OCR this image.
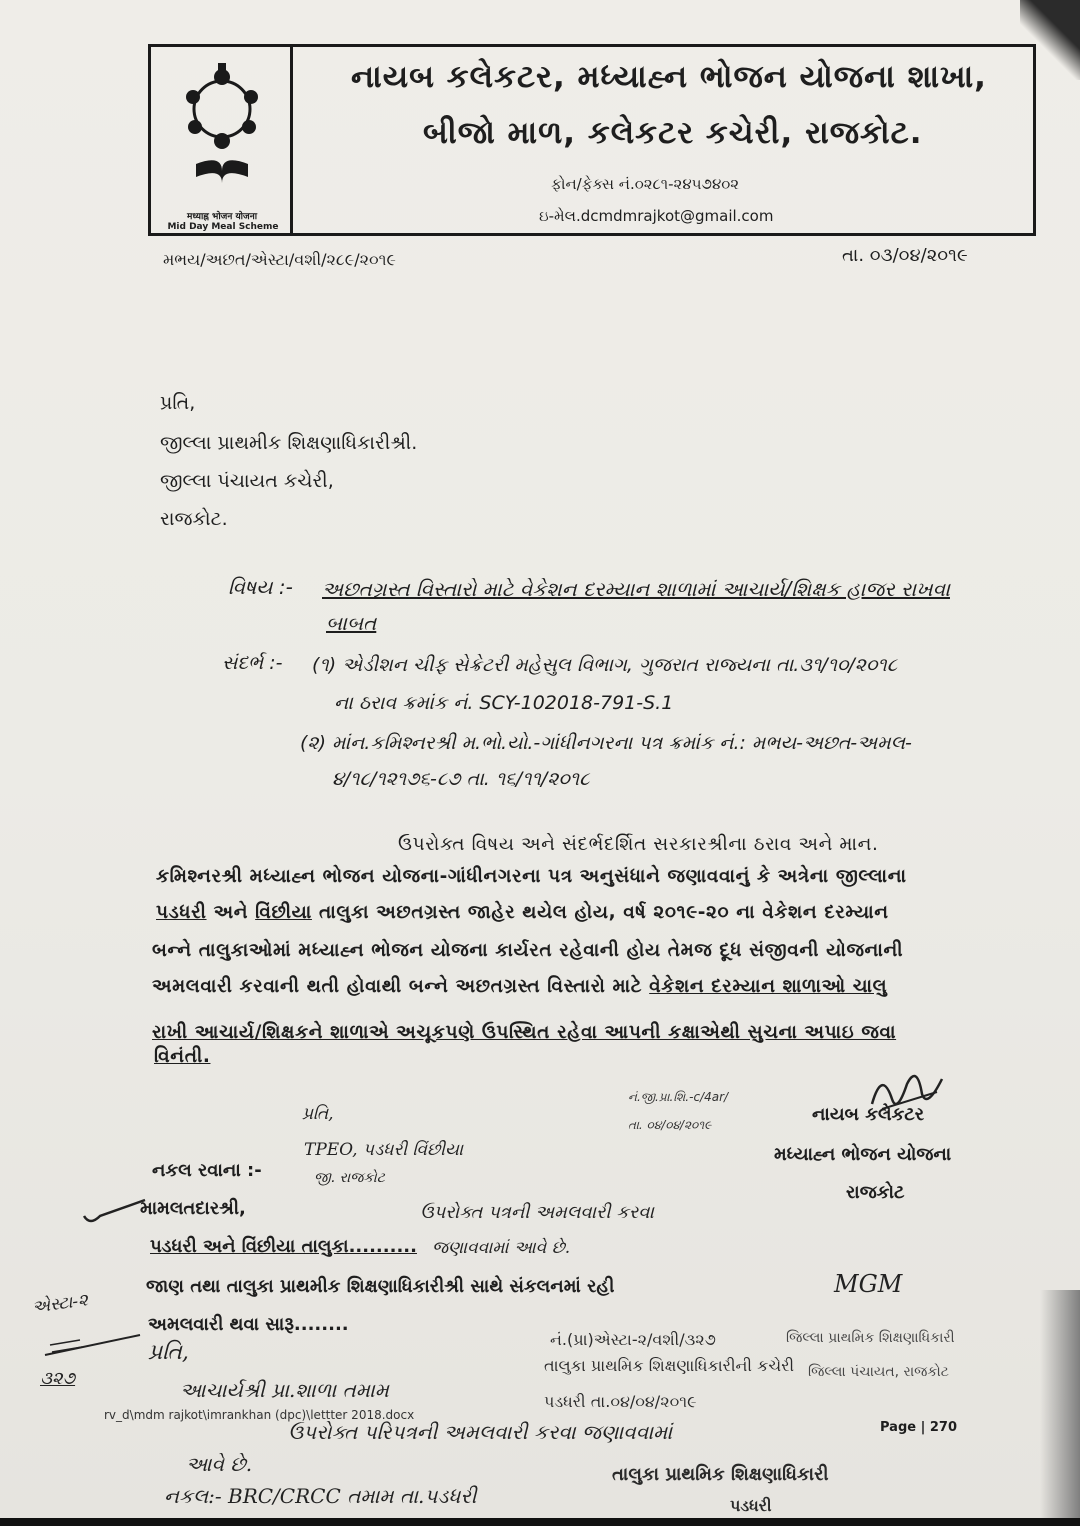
मध्याह्न भोजन योजना
Mid Day Meal Scheme
નાયબ કલેકટર, મધ્યાહ્ન ભોજન યોજના શાખા,
બીજો માળ, કલેકટર કચેરી, રાજકોટ.
ફોન/ફેક્સ નં.૦૨૮૧-૨૪૫૭૪૦૨
ઇ-મેલ.dcmdmrajkot@gmail.com
મભય/અછત/એસ્ટા/વશી/૨૮૯/૨૦૧૯	તા. ૦૩/૦૪/૨૦૧૯
પ્રતિ,
જીલ્લા પ્રાથમીક શિક્ષણાધિકારીશ્રી.
જીલ્લા પંચાયત કચેરી,
રાજકોટ.
વિષય :- અછતગ્રસ્ત વિસ્તારો માટે વેકેશન દરમ્યાન શાળામાં આચાર્ય/શિક્ષક હાજર રાખવા
બાબત
સંદર્ભ :- (૧) એડીશન ચીફ સેક્રેટરી મહેસુલ વિભાગ, ગુજરાત રાજ્યના તા.૩૧/૧૦/૨૦૧૮
ના ઠરાવ ક્રમાંક નં. SCY-102018-791-S.1
(૨) માંન.કમિશ્નરશ્રી મ.ભો.યો.-ગાંધીનગરના પત્ર ક્રમાંક નં.: મભય-અછત-અમલ-
૪/૧૮/૧૨૧૭૬-૮૭ તા. ૧૬/૧૧/૨૦૧૮
ઉપરોક્ત વિષય અને સંદર્ભદર્શિત સરકારશ્રીના ઠરાવ અને માન.
કમિશ્નરશ્રી મધ્યાહ્ન ભોજન યોજના-ગાંધીનગરના પત્ર અનુસંધાને જણાવવાનું કે અત્રેના જીલ્લાના
પડધરી અને વિંછીયા તાલુકા અછતગ્રસ્ત જાહેર થયેલ હોય, વર્ષ ૨૦૧૯-૨૦ ના વેકેશન દરમ્યાન
બન્ને તાલુકાઓમાં મધ્યાહ્ન ભોજન યોજના કાર્યરત રહેવાની હોય તેમજ દૂધ સંજીવની યોજનાની
અમલવારી કરવાની થતી હોવાથી બન્ને અછતગ્રસ્ત વિસ્તારો માટે વેકેશન દરમ્યાન શાળાઓ ચાલુ
રાખી આચાર્ય/શિક્ષકને શાળાએ અચૂકપણે ઉપસ્થિત રહેવા આપની કક્ષાએથી સુચના અપાઇ જવા
વિનંતી.
નં.જી.પ્રા.શિ.-c/4ar/
તા. ૦૪/૦૪/૨૦૧૯	નાયબ કલેકટર
મધ્યાહ્ન ભોજન યોજના
રાજકોટ
પ્રતિ,
TPEO, પડધરી વિંછીયા
જી. રાજકોટ
નકલ રવાના :-
મામલતદારશ્રી,	ઉપરોક્ત પત્રની અમલવારી કરવા
પડધરી અને વિંછીયા તાલુકા.......... જણાવવામાં આવે છે.
જાણ તથા તાલુકા પ્રાથમીક શિક્ષણાધિકારીશ્રી સાથે સંકલનમાં રહી	MGM
અમલવારી થવા સારૂ........
એસ્ટા-૨
૩૨૭
પ્રતિ,
આચાર્યશ્રી પ્રા.શાળા તમામ
નં.(પ્રા)એસ્ટા-૨/વશી/૩૨૭
તાલુકા પ્રાથમિક શિક્ષણાધિકારીની કચેરી
પડધરી તા.૦૪/૦૪/૨૦૧૯
જિલ્લા પ્રાથમિક શિક્ષણાધિકારી
જિલ્લા પંચાયત, રાજકોટ
rv_d\mdm rajkot\imrankhan (dpc)\lettter 2018.docx
Page | 270
ઉપરોક્ત પરિપત્રની અમલવારી કરવા જણાવવામાં
આવે છે.
નકલ:- BRC/CRCC તમામ તા.પડધરી
તાલુકા પ્રાથમિક શિક્ષણાધિકારી
પડધરી
